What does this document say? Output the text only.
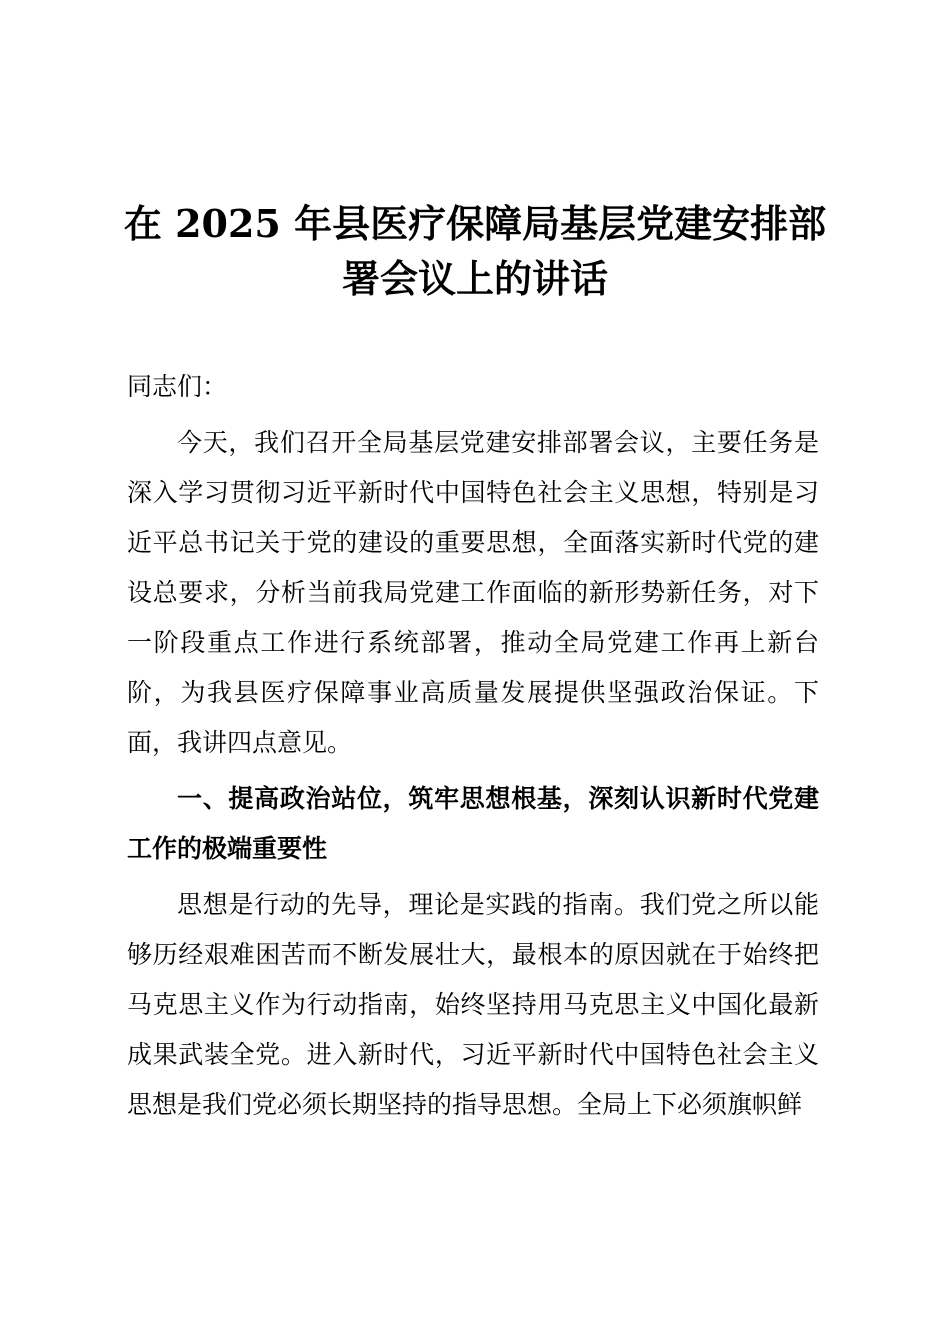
在 2025 年县医疗保障局基层党建安排部
署会议上的讲话

同志们：

今天，我们召开全局基层党建安排部署会议，主要任务是深入学习贯彻习近平新时代中国特色社会主义思想，特别是习近平总书记关于党的建设的重要思想，全面落实新时代党的建设总要求，分析当前我局党建工作面临的新形势新任务，对下一阶段重点工作进行系统部署，推动全局党建工作再上新台阶，为我县医疗保障事业高质量发展提供坚强政治保证。下面，我讲四点意见。

一、提高政治站位，筑牢思想根基，深刻认识新时代党建工作的极端重要性

思想是行动的先导，理论是实践的指南。我们党之所以能够历经艰难困苦而不断发展壮大，最根本的原因就在于始终把马克思主义作为行动指南，始终坚持用马克思主义中国化最新成果武装全党。进入新时代，习近平新时代中国特色社会主义思想是我们党必须长期坚持的指导思想。全局上下必须旗帜鲜
